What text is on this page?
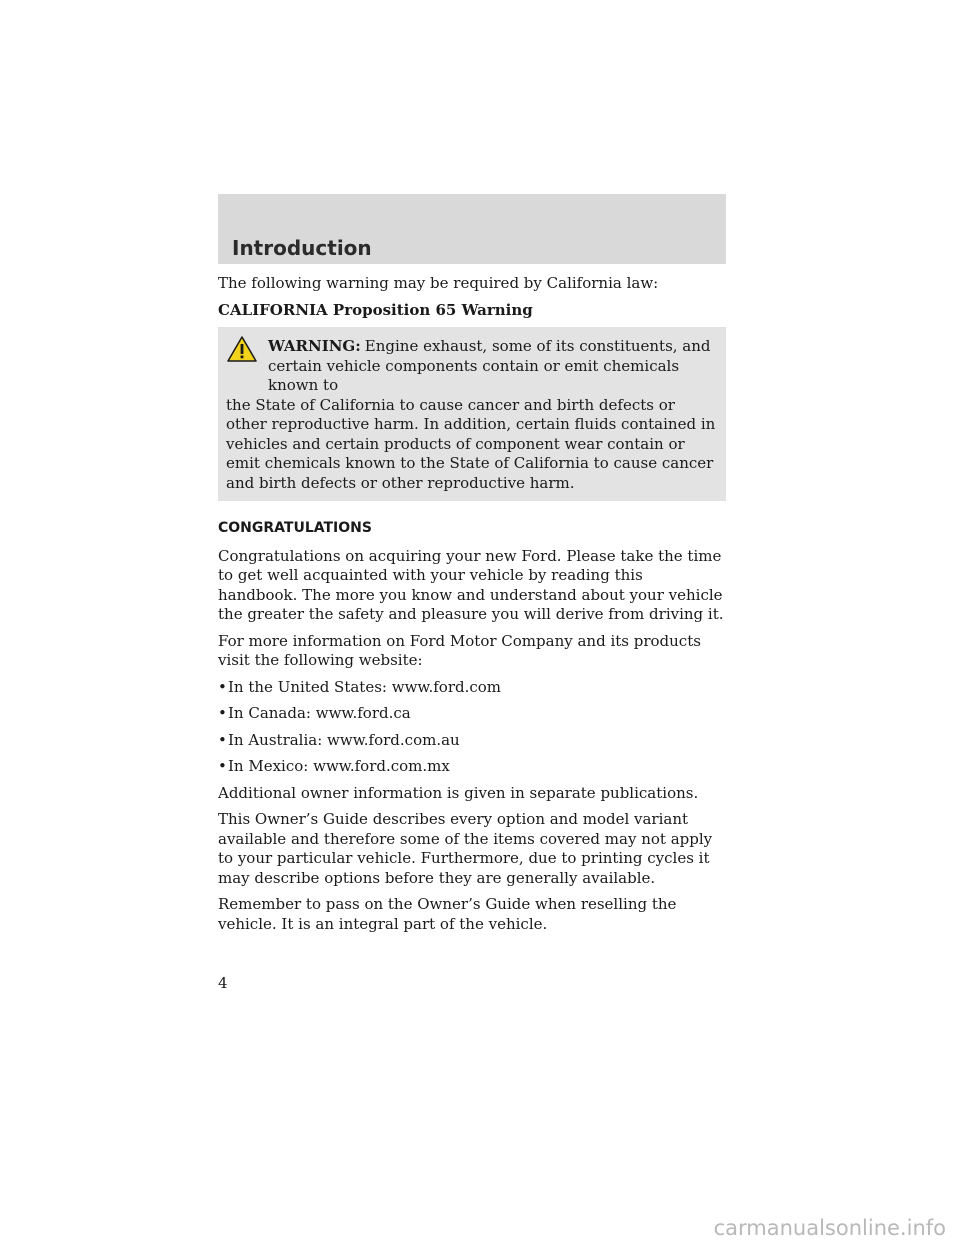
Introduction

The following warning may be required by California law:

CALIFORNIA Proposition 65 Warning

WARNING: Engine exhaust, some of its constituents, and
certain vehicle components contain or emit chemicals known to
the State of California to cause cancer and birth defects or other reproductive harm. In addition, certain fluids contained in vehicles and certain products of component wear contain or emit chemicals known to the State of California to cause cancer and birth defects or other reproductive harm.

CONGRATULATIONS

Congratulations on acquiring your new Ford. Please take the time to get well acquainted with your vehicle by reading this handbook. The more you know and understand about your vehicle the greater the safety and pleasure you will derive from driving it.

For more information on Ford Motor Company and its products visit the following website:

• In the United States: www.ford.com

• In Canada: www.ford.ca

• In Australia: www.ford.com.au

• In Mexico: www.ford.com.mx

Additional owner information is given in separate publications.

This Owner’s Guide describes every option and model variant available and therefore some of the items covered may not apply to your particular vehicle. Furthermore, due to printing cycles it may describe options before they are generally available.

Remember to pass on the Owner’s Guide when reselling the vehicle. It is an integral part of the vehicle.

4
carmanualsonline.info
